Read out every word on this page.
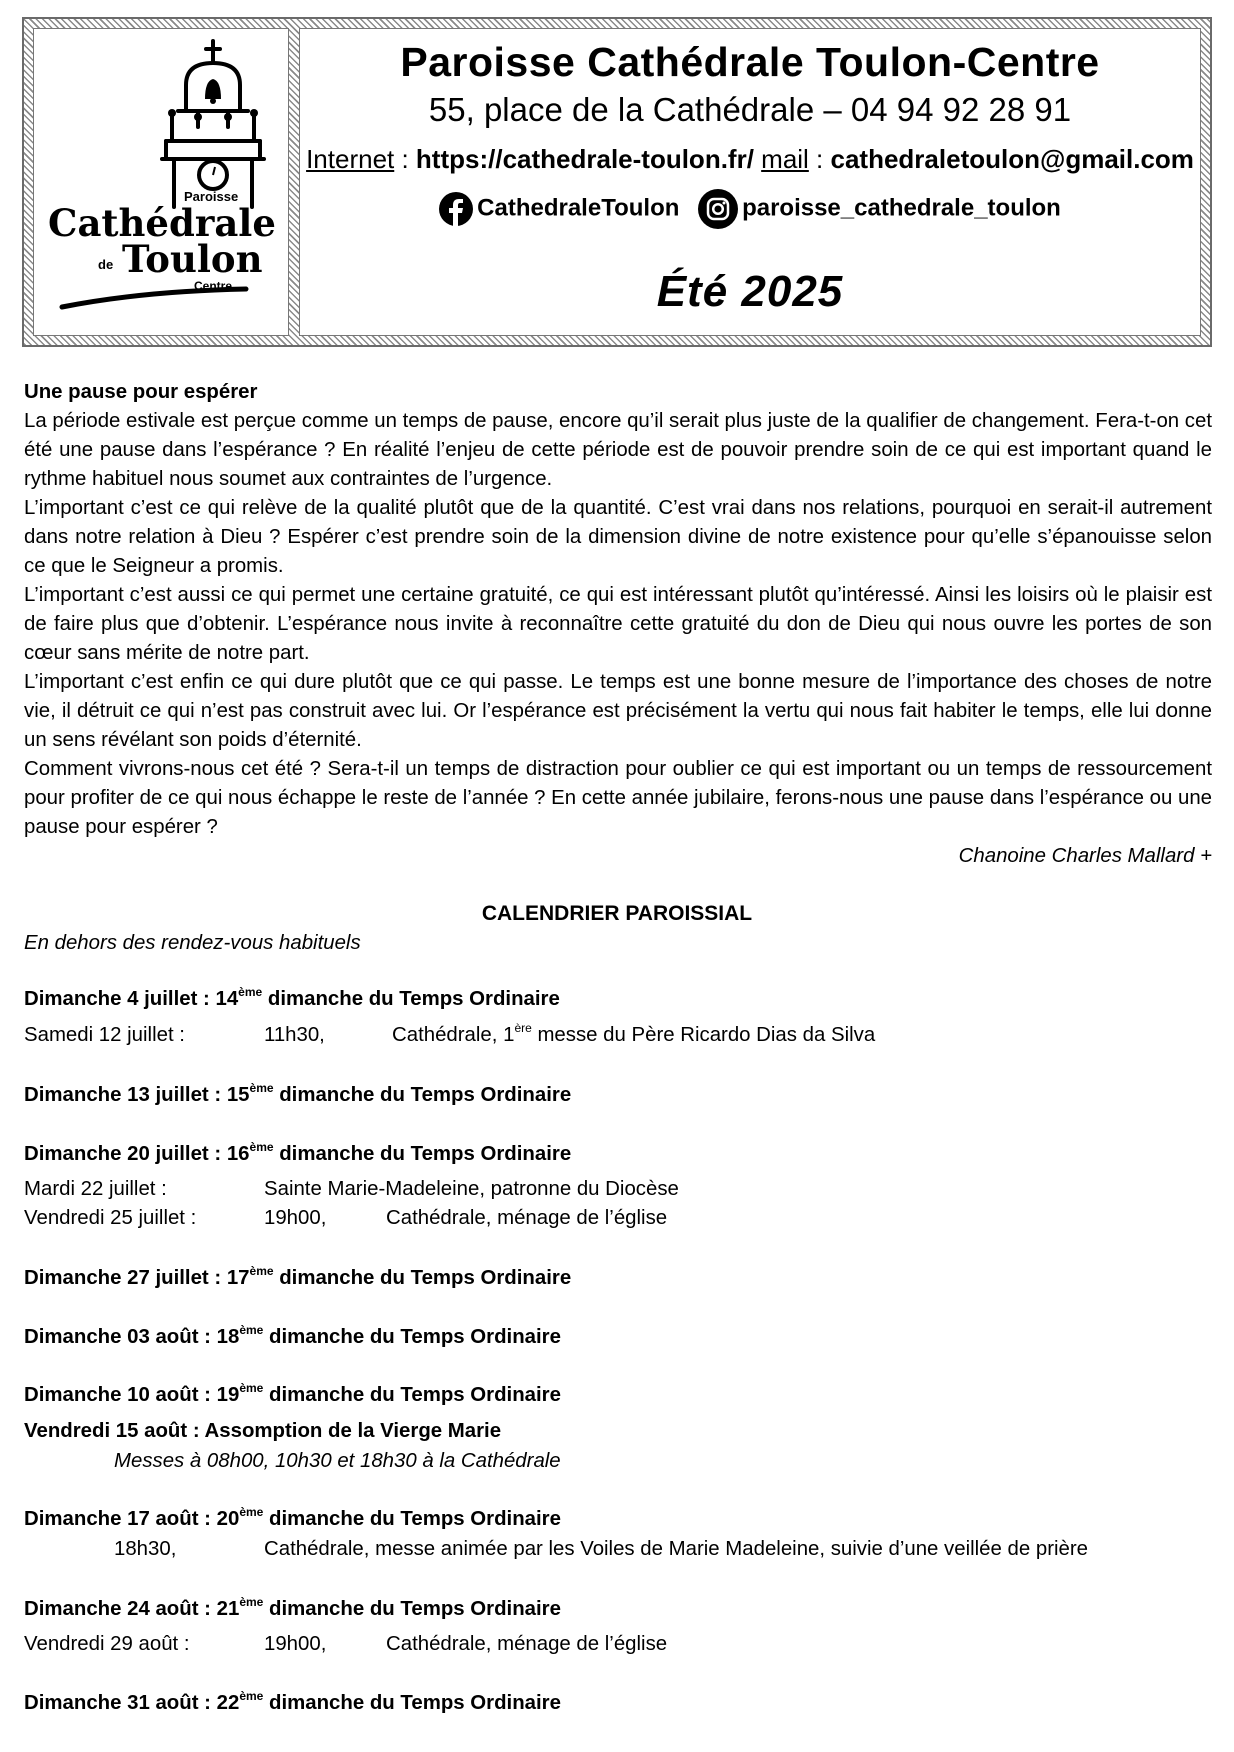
Paroisse
Cathédrale
de Toulon
Centre
Paroisse Cathédrale Toulon-Centre
55, place de la Cathédrale – 04 94 92 28 91
Internet : https://cathedrale-toulon.fr/ mail : cathedraletoulon@gmail.com
CathedraleToulon	paroisse_cathedrale_toulon
Été 2025
Une pause pour espérer

La période estivale est perçue comme un temps de pause, encore qu’il serait plus juste de la qualifier de changement. Fera-t-on cet été une pause dans l’espérance ? En réalité l’enjeu de cette période est de pouvoir prendre soin de ce qui est important quand le rythme habituel nous soumet aux contraintes de l’urgence.

L’important c’est ce qui relève de la qualité plutôt que de la quantité. C’est vrai dans nos relations, pourquoi en serait-il autrement dans notre relation à Dieu ? Espérer c’est prendre soin de la dimension divine de notre existence pour qu’elle s’épanouisse selon ce que le Seigneur a promis.

L’important c’est aussi ce qui permet une certaine gratuité, ce qui est intéressant plutôt qu’intéressé. Ainsi les loisirs où le plaisir est de faire plus que d’obtenir. L’espérance nous invite à reconnaître cette gratuité du don de Dieu qui nous ouvre les portes de son cœur sans mérite de notre part.

L’important c’est enfin ce qui dure plutôt que ce qui passe. Le temps est une bonne mesure de l’importance des choses de notre vie, il détruit ce qui n’est pas construit avec lui. Or l’espérance est précisément la vertu qui nous fait habiter le temps, elle lui donne un sens révélant son poids d’éternité.

Comment vivrons-nous cet été ? Sera-t-il un temps de distraction pour oublier ce qui est important ou un temps de ressourcement pour profiter de ce qui nous échappe le reste de l’année ? En cette année jubilaire, ferons-nous une pause dans l’espérance ou une pause pour espérer ?

Chanoine Charles Mallard +
CALENDRIER PAROISSIAL
En dehors des rendez-vous habituels
Dimanche 4 juillet : 14ème dimanche du Temps Ordinaire
Samedi 12 juillet :	11h30,	Cathédrale, 1ère messe du Père Ricardo Dias da Silva
Dimanche 13 juillet : 15ème dimanche du Temps Ordinaire
Dimanche 20 juillet : 16ème dimanche du Temps Ordinaire
Mardi 22 juillet :	Sainte Marie-Madeleine, patronne du Diocèse
Vendredi 25 juillet :	19h00,	Cathédrale, ménage de l’église
Dimanche 27 juillet : 17ème dimanche du Temps Ordinaire
Dimanche 03 août : 18ème dimanche du Temps Ordinaire
Dimanche 10 août : 19ème dimanche du Temps Ordinaire
Vendredi 15 août : Assomption de la Vierge Marie
Messes à 08h00, 10h30 et 18h30 à la Cathédrale
Dimanche 17 août : 20ème dimanche du Temps Ordinaire
18h30,	Cathédrale, messe animée par les Voiles de Marie Madeleine, suivie d’une veillée de prière
Dimanche 24 août : 21ème dimanche du Temps Ordinaire
Vendredi 29 août :	19h00,	Cathédrale, ménage de l’église
Dimanche 31 août : 22ème dimanche du Temps Ordinaire
